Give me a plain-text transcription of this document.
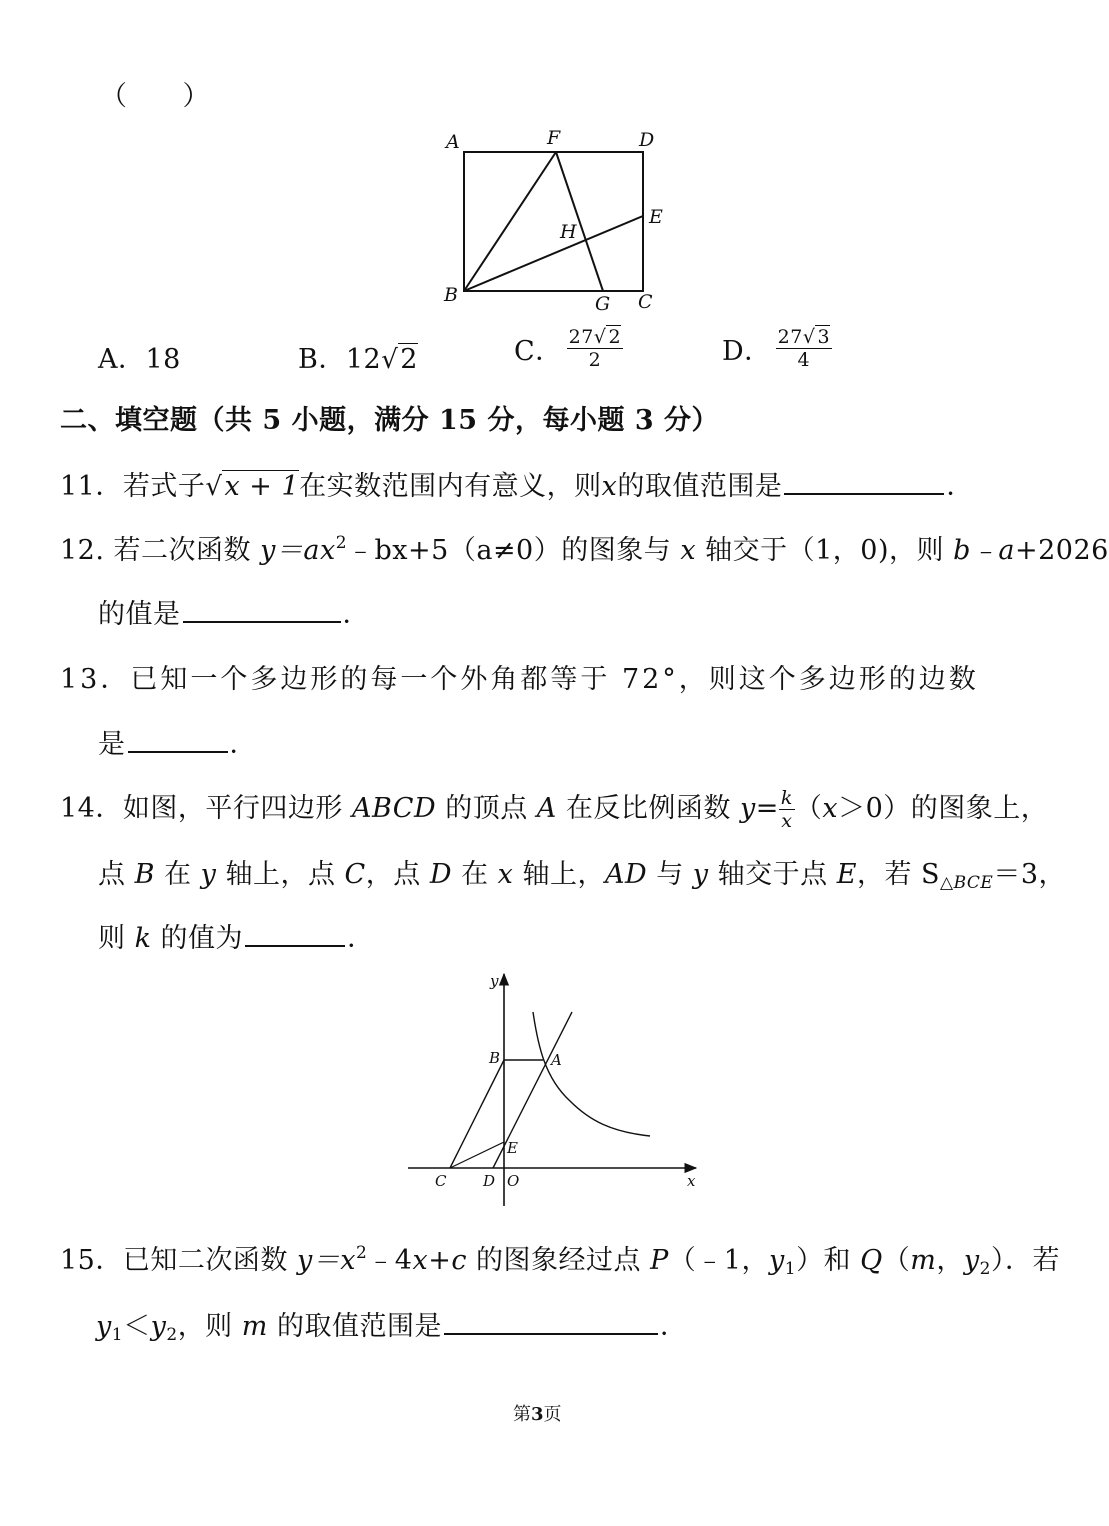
（　　）
A	F	D
E
H
B	G C
A．18	B．12√2	C． $\frac{27√ 2}{2}$	D． $\frac{27√ 3}{4}$
二、填空题（共 5 小题，满分 15 分，每小题 3 分）
11．若式子√x + 1在实数范围内有意义，则x的取值范围是	．
12. 若二次函数 $y=ax^2﹣bx+5(a\ne 0)$的图象与 x 轴交于（1，0)，则 b﹣a+2026
的值是	．
13．已知一个多边形的每一个外角都等于 72°，则这个多边形的边数
是	．
14．如图，平行四边形 ABCD 的顶点 A 在反比例函数 $y= \frac{k}{x} (x>0)$的图象上，
点 B 在 y 轴上，点 C，点 D 在 x 轴上，AD 与 y 轴交于点 E，若 $S_{\triangle BCE}=3$，
则 k 的值为	．
y
B	A
E
C D O	x
15．已知二次函数 $y=x^2﹣4x+c$ 的图象经过点 P（﹣1，$y_1$）和 Q（m，$y_2$）．若
$y_1<y_2$，则 m 的取值范围是	．
第3页
